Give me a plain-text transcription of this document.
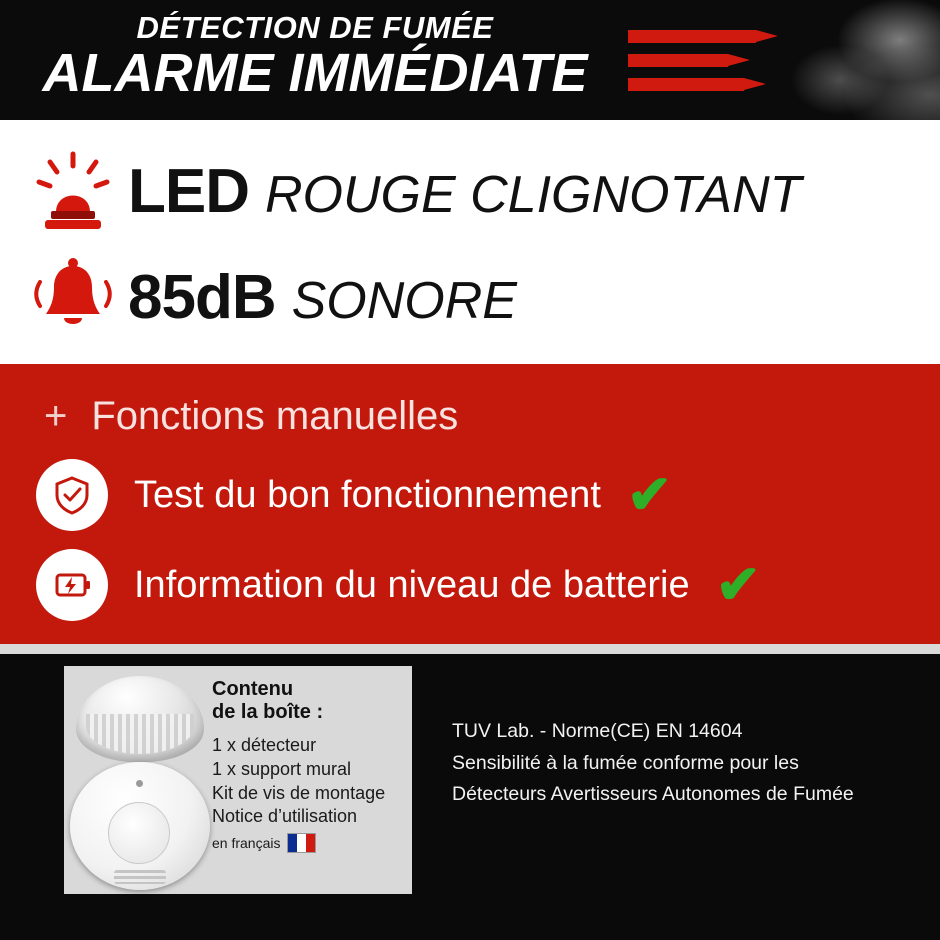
DÉTECTION DE FUMÉE
ALARME IMMÉDIATE
LED ROUGE CLIGNOTANT
85dB SONORE
+ Fonctions manuelles
Test du bon fonctionnement ✔
Information du niveau de batterie ✔
Contenu
de la boîte :
1 x détecteur
1 x support mural
Kit de vis de montage
Notice d’utilisation
en français
TUV Lab. - Norme(CE) EN 14604
Sensibilité à la fumée conforme pour les
Détecteurs Avertisseurs Autonomes de Fumée
